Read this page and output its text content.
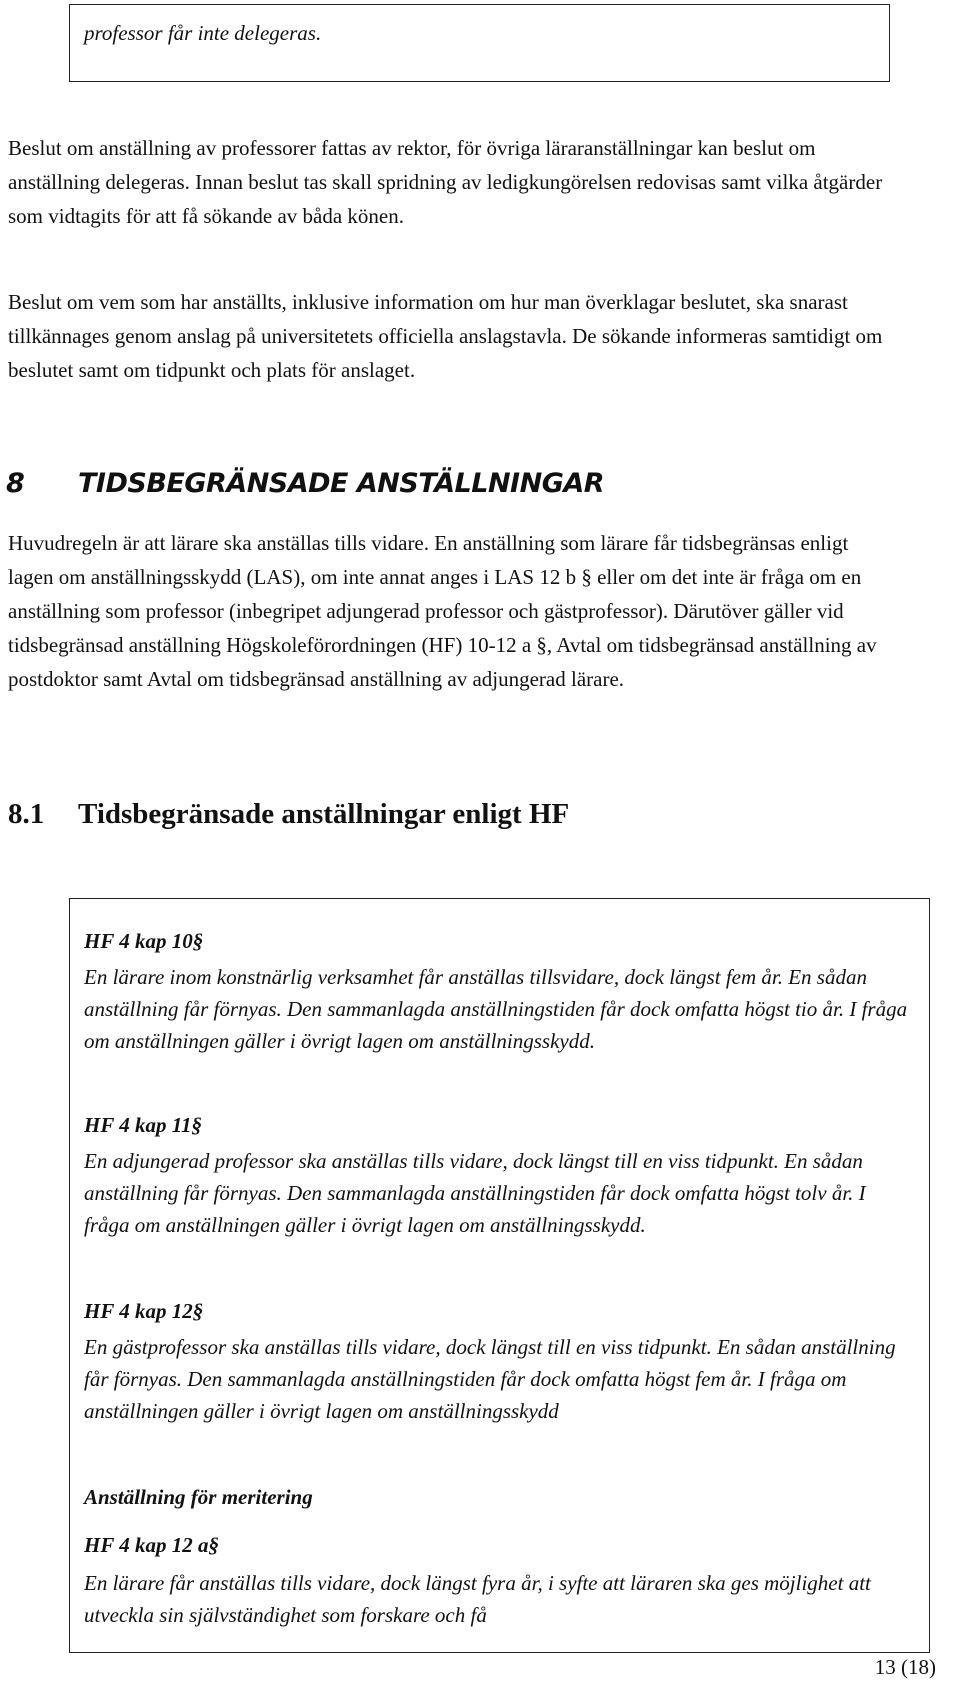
professor får inte delegeras.

Beslut om anställning av professorer fattas av rektor, för övriga läraranställningar kan beslut om anställning delegeras. Innan beslut tas skall spridning av ledigkungörelsen redovisas samt vilka åtgärder som vidtagits för att få sökande av båda könen.

Beslut om vem som har anställts, inklusive information om hur man överklagar beslutet, ska snarast tillkännages genom anslag på universitetets officiella anslagstavla. De sökande informeras samtidigt om beslutet samt om tidpunkt och plats för anslaget.

8 TIDSBEGRÄNSADE ANSTÄLLNINGAR

Huvudregeln är att lärare ska anställas tills vidare. En anställning som lärare får tidsbegränsas enligt lagen om anställningsskydd (LAS), om inte annat anges i LAS 12 b § eller om det inte är fråga om en anställning som professor (inbegripet adjungerad professor och gästprofessor). Därutöver gäller vid tidsbegränsad anställning Högskoleförordningen (HF) 10-12 a §, Avtal om tidsbegränsad anställning av postdoktor samt Avtal om tidsbegränsad anställning av adjungerad lärare.

8.1 Tidsbegränsade anställningar enligt HF

HF 4 kap 10§

En lärare inom konstnärlig verksamhet får anställas tillsvidare, dock längst fem år. En sådan anställning får förnyas. Den sammanlagda anställningstiden får dock omfatta högst tio år. I fråga om anställningen gäller i övrigt lagen om anställningsskydd.

HF 4 kap 11§

En adjungerad professor ska anställas tills vidare, dock längst till en viss tidpunkt. En sådan anställning får förnyas. Den sammanlagda anställningstiden får dock omfatta högst tolv år. I fråga om anställningen gäller i övrigt lagen om anställningsskydd.

HF 4 kap 12§

En gästprofessor ska anställas tills vidare, dock längst till en viss tidpunkt. En sådan anställning får förnyas. Den sammanlagda anställningstiden får dock omfatta högst fem år. I fråga om anställningen gäller i övrigt lagen om anställningsskydd

Anställning för meritering

HF 4 kap 12 a§

En lärare får anställas tills vidare, dock längst fyra år, i syfte att läraren ska ges möjlighet att utveckla sin självständighet som forskare och få

13 (18)
